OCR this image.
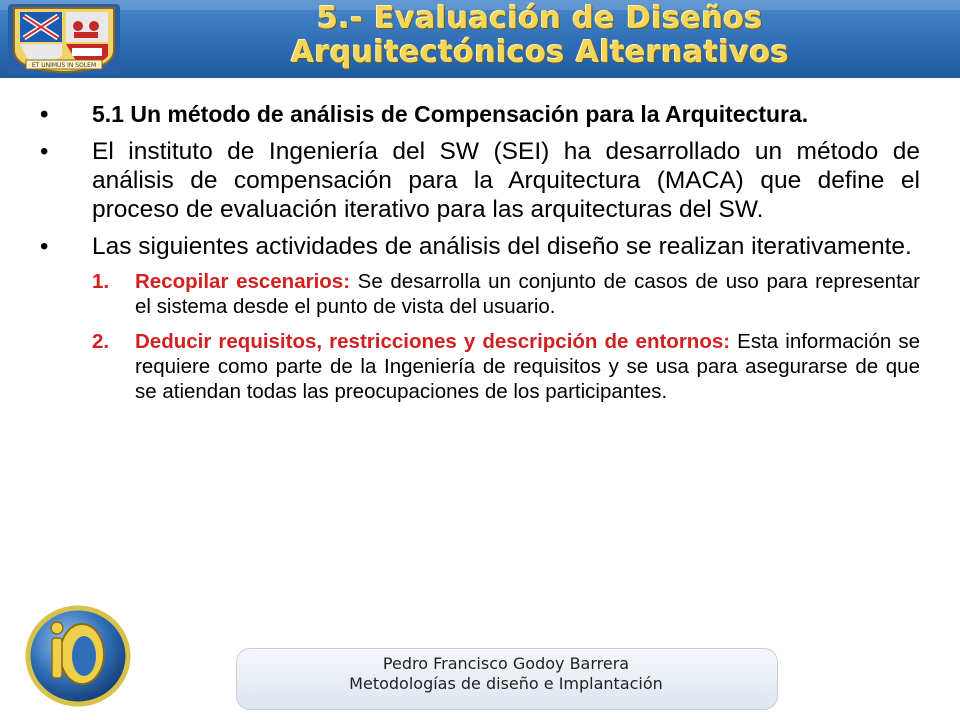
ET UNIMUS IN SOLEM
5.- Evaluación de Diseños
Arquitectónicos Alternativos
• 5.1 Un método de análisis de Compensación para la Arquitectura.
• El instituto de Ingeniería del SW (SEI) ha desarrollado un método de análisis de compensación para la Arquitectura (MACA) que define el proceso de evaluación iterativo para las arquitecturas del SW.
• Las siguientes actividades de análisis del diseño se realizan iterativamente.
1. Recopilar escenarios: Se desarrolla un conjunto de casos de uso para representar el sistema desde el punto de vista del usuario.
2. Deducir requisitos, restricciones y descripción de entornos: Esta información se requiere como parte de la Ingeniería de requisitos y se usa para asegurarse de que se atiendan todas las preocupaciones de los participantes.
Pedro Francisco Godoy Barrera
Metodologías de diseño e Implantación
